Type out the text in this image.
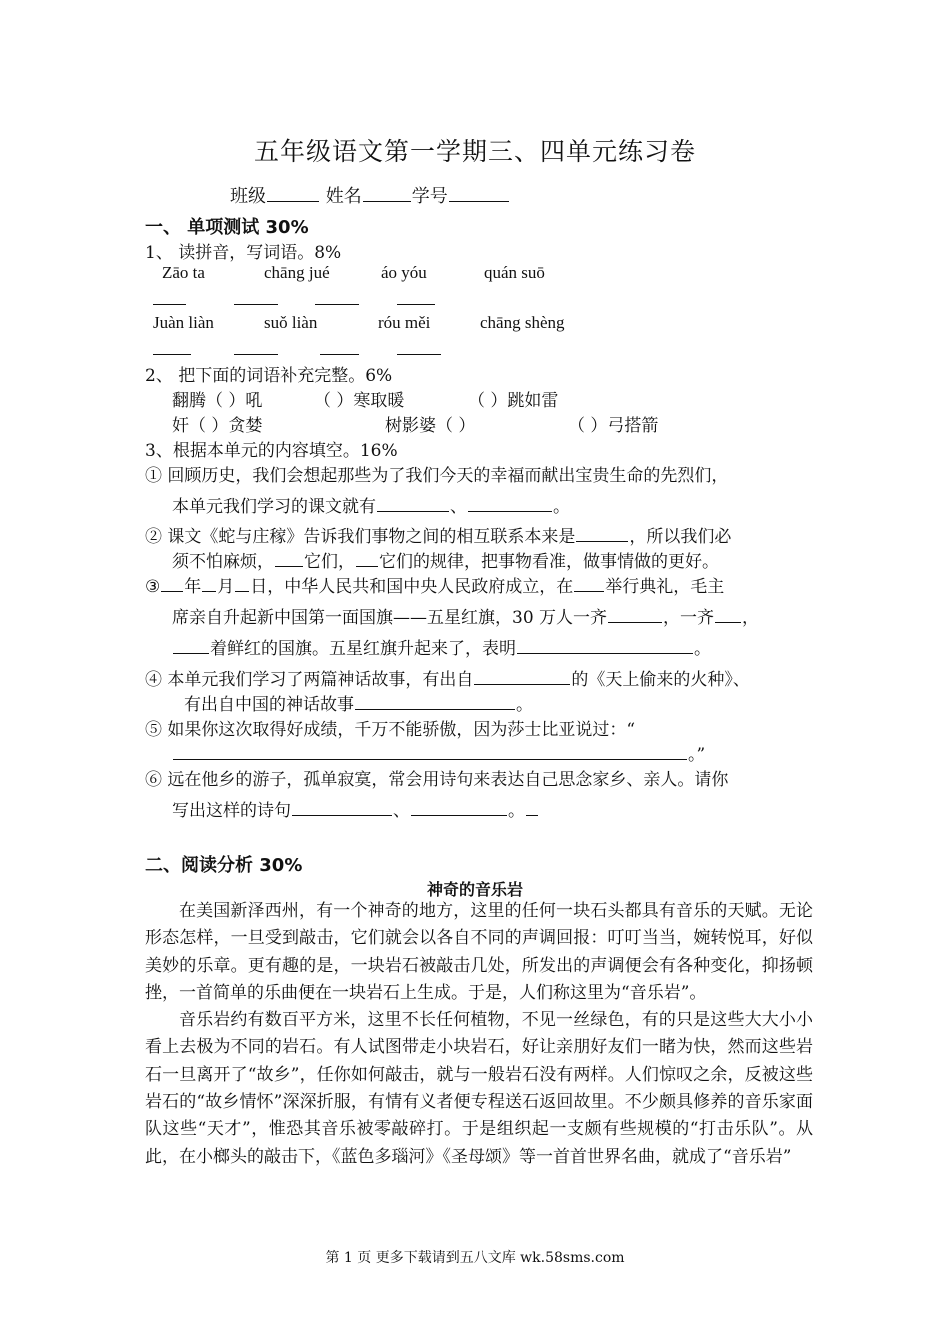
五年级语文第一学期三、四单元练习卷
班级	姓名	学号
一、 单项测试 30%
1、 读拼音，写词语。8%
Zāo ta	chāng jué	áo yóu	quán suō
Juàn liàn	suǒ liàn	róu měi	chāng shèng
2、 把下面的词语补充完整。6%
翻腾（ ）吼	（ ）寒取暖	（ ）跳如雷
奸（ ）贪婪	树影婆（ ）	（ ）弓搭箭
3、根据本单元的内容填空。16%
① 回顾历史，我们会想起那些为了我们今天的幸福而献出宝贵生命的先烈们，
本单元我们学习的课文就有	、	。
② 课文《蛇与庄稼》告诉我们事物之间的相互联系本来是	，所以我们必
须不怕麻烦， 它们， 它们的规律，把事物看准，做事情做的更好。
③ 年 月 日，中华人民共和国中央人民政府成立，在 举行典礼，毛主
席亲自升起新中国第一面国旗——五星红旗，30 万人一齐	，一齐 ，
着鲜红的国旗。五星红旗升起来了，表明	。
④ 本单元我们学习了两篇神话故事，有出自	的《天上偷来的火种》、
有出自中国的神话故事	。
⑤ 如果你这次取得好成绩，千万不能骄傲，因为莎士比亚说过：“
。”
⑥ 远在他乡的游子，孤单寂寞，常会用诗句来表达自己思念家乡、亲人。请你
写出这样的诗句	、	。
二、阅读分析 30%
神奇的音乐岩

在美国新泽西州，有一个神奇的地方，这里的任何一块石头都具有音乐的天赋。无论形态怎样，一旦受到敲击，它们就会以各自不同的声调回报：叮叮当当，婉转悦耳，好似美妙的乐章。更有趣的是，一块岩石被敲击几处，所发出的声调便会有各种变化，抑扬顿挫，一首简单的乐曲便在一块岩石上生成。于是，人们称这里为“音乐岩”。

音乐岩约有数百平方米，这里不长任何植物，不见一丝绿色，有的只是这些大大小小看上去极为不同的岩石。有人试图带走小块岩石，好让亲朋好友们一睹为快，然而这些岩石一旦离开了“故乡”，任你如何敲击，就与一般岩石没有两样。人们惊叹之余，反被这些岩石的“故乡情怀”深深折服，有情有义者便专程送石返回故里。不少颇具修养的音乐家面队这些“天才”，惟恐其音乐被零敲碎打。于是组织起一支颇有些规模的“打击乐队”。从此，在小榔头的敲击下，《蓝色多瑙河》《圣母颂》等一首首世界名曲，就成了“音乐岩”

第 1 页 更多下载请到五八文库 wk.58sms.com
